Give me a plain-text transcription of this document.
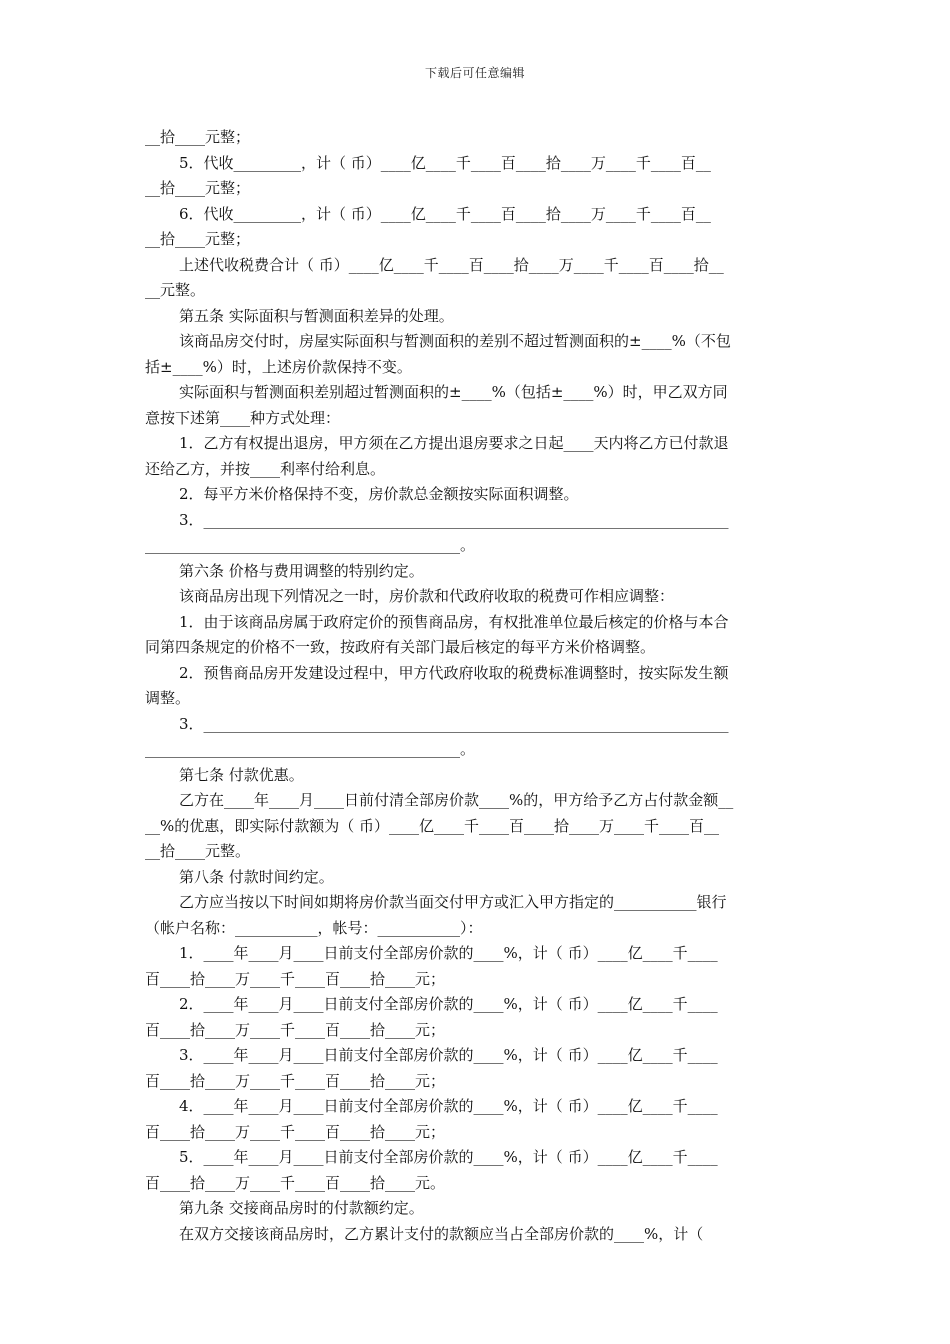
下载后可任意编辑
__拾____元整；
5．代收_________，计（ 币）____亿____千____百____拾____万____千____百__
__拾____元整；
6．代收_________，计（ 币）____亿____千____百____拾____万____千____百__
__拾____元整；
上述代收税费合计（ 币）____亿____千____百____拾____万____千____百____拾__
__元整。
第五条 实际面积与暂测面积差异的处理。
该商品房交付时，房屋实际面积与暂测面积的差别不超过暂测面积的±____%（不包
括±____%）时，上述房价款保持不变。
实际面积与暂测面积差别超过暂测面积的±____%（包括±____%）时，甲乙双方同
意按下述第____种方式处理：
1．乙方有权提出退房，甲方须在乙方提出退房要求之日起____天内将乙方已付款退
还给乙方，并按____利率付给利息。
2．每平方米价格保持不变，房价款总金额按实际面积调整。
3．______________________________________________________________________
__________________________________________。
第六条 价格与费用调整的特别约定。
该商品房出现下列情况之一时，房价款和代政府收取的税费可作相应调整：
1．由于该商品房属于政府定价的预售商品房，有权批准单位最后核定的价格与本合
同第四条规定的价格不一致，按政府有关部门最后核定的每平方米价格调整。
2．预售商品房开发建设过程中，甲方代政府收取的税费标准调整时，按实际发生额
调整。
3．______________________________________________________________________
__________________________________________。
第七条 付款优惠。
乙方在____年____月____日前付清全部房价款____%的，甲方给予乙方占付款金额__
__%的优惠，即实际付款额为（ 币）____亿____千____百____拾____万____千____百__
__拾____元整。
第八条 付款时间约定。
乙方应当按以下时间如期将房价款当面交付甲方或汇入甲方指定的___________银行
（帐户名称：___________，帐号：___________）：
1．____年____月____日前支付全部房价款的____%，计（ 币）____亿____千____
百____拾____万____千____百____拾____元；
2．____年____月____日前支付全部房价款的____%，计（ 币）____亿____千____
百____拾____万____千____百____拾____元；
3．____年____月____日前支付全部房价款的____%，计（ 币）____亿____千____
百____拾____万____千____百____拾____元；
4．____年____月____日前支付全部房价款的____%，计（ 币）____亿____千____
百____拾____万____千____百____拾____元；
5．____年____月____日前支付全部房价款的____%，计（ 币）____亿____千____
百____拾____万____千____百____拾____元。
第九条 交接商品房时的付款额约定。
在双方交接该商品房时，乙方累计支付的款额应当占全部房价款的____%，计（
